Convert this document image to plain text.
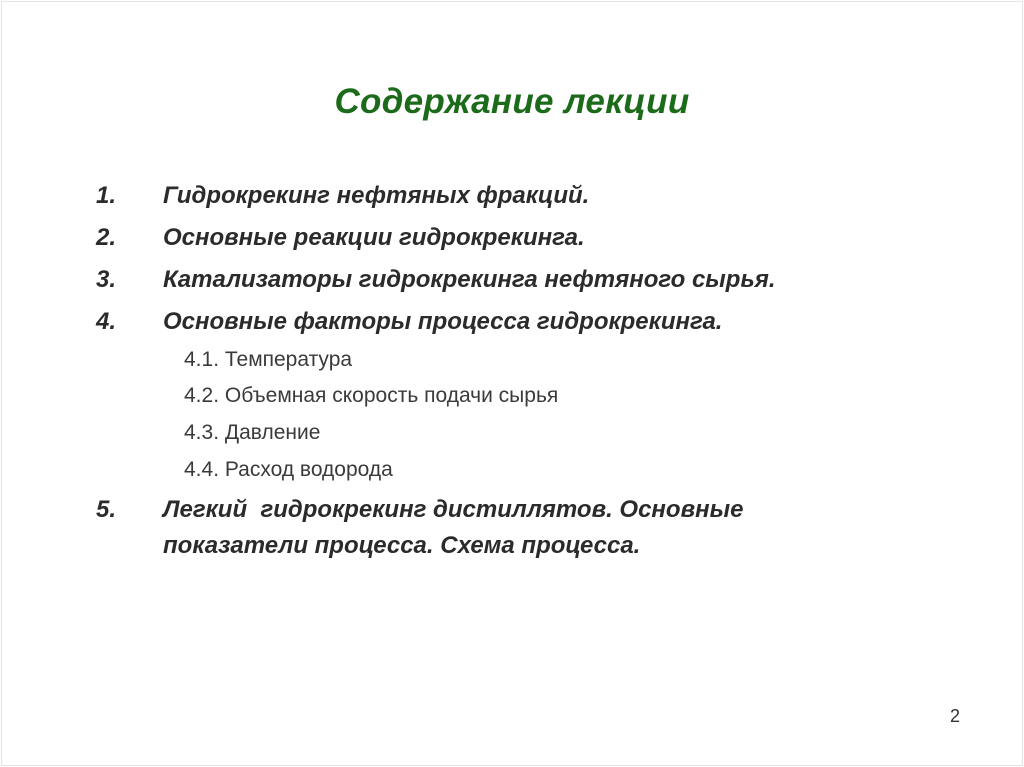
Содержание лекции
1.	Гидрокрекинг нефтяных фракций.
2.	Основные реакции гидрокрекинга.
3.	Катализаторы гидрокрекинга нефтяного сырья.
4.	Основные факторы процесса гидрокрекинга.
4.1. Температура
4.2. Объемная скорость подачи сырья
4.3. Давление
4.4. Расход водорода
5.	Легкий  гидрокрекинг дистиллятов. Основные показатели процесса. Схема процесса.
2
